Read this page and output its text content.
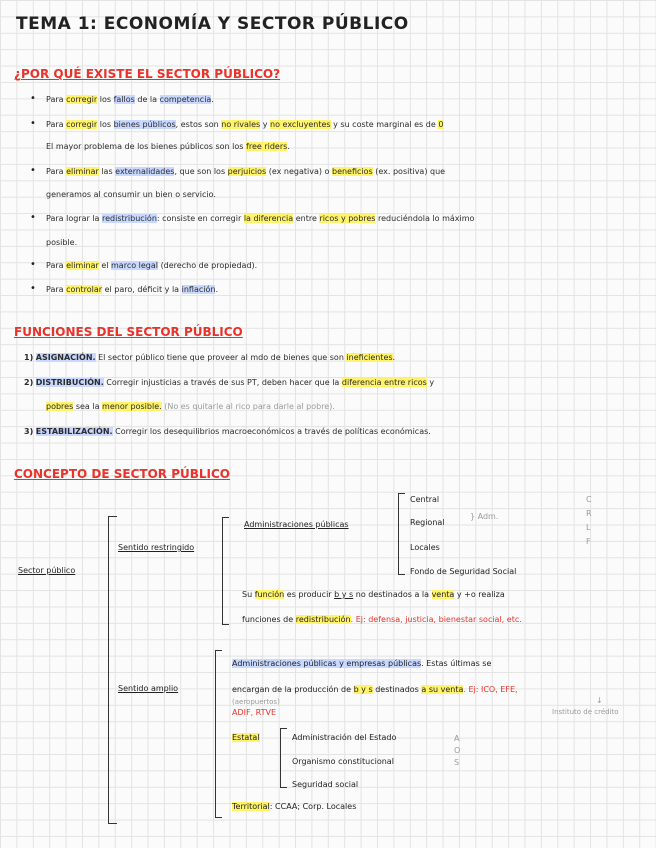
TEMA 1: ECONOMÍA Y SECTOR PÚBLICO
¿POR QUÉ EXISTE EL SECTOR PÚBLICO?
• Para corregir los fallos de la competencia.
• Para corregir los bienes públicos, estos son no rivales y no excluyentes y su coste marginal es de 0
El mayor problema de los bienes públicos son los free riders.
• Para eliminar las externalidades, que son los perjuicios (ex negativa) o beneficios (ex. positiva) que
generamos al consumir un bien o servicio.
• Para lograr la redistribución: consiste en corregir la diferencia entre ricos y pobres reduciéndola lo máximo
posible.
• Para eliminar el marco legal (derecho de propiedad).
• Para controlar el paro, déficit y la inflación.
FUNCIONES DEL SECTOR PÚBLICO
1) ASIGNACIÓN. El sector público tiene que proveer al mdo de bienes que son ineficientes.
2) DISTRIBUCIÓN. Corregir injusticias a través de sus PT, deben hacer que la diferencia entre ricos y
pobres sea la menor posible. (No es quitarle al rico para darle al pobre).
3) ESTABILIZACIÓN. Corregir los desequilibrios macroeconómicos a través de políticas económicas.
CONCEPTO DE SECTOR PÚBLICO
Sector público
Sentido restringido
Administraciones públicas
Central
Regional
Locales
} Adm.
Fondo de Seguridad Social
C
R
L
F
Su función es producir b y s no destinados a la venta y +o realiza
funciones de redistribución. Ej: defensa, justicia, bienestar social, etc.
Sentido amplio
Administraciones públicas y empresas públicas. Estas últimas se
encargan de la producción de b y s destinados a su venta. Ej: ICO, EFE,
(aeropuertos)
ADIF, RTVE	Instituto de crédito
↓
Estatal	Administración del Estado
Organismo constitucional
Seguridad social
A
O
S
Territorial: CCAA; Corp. Locales
